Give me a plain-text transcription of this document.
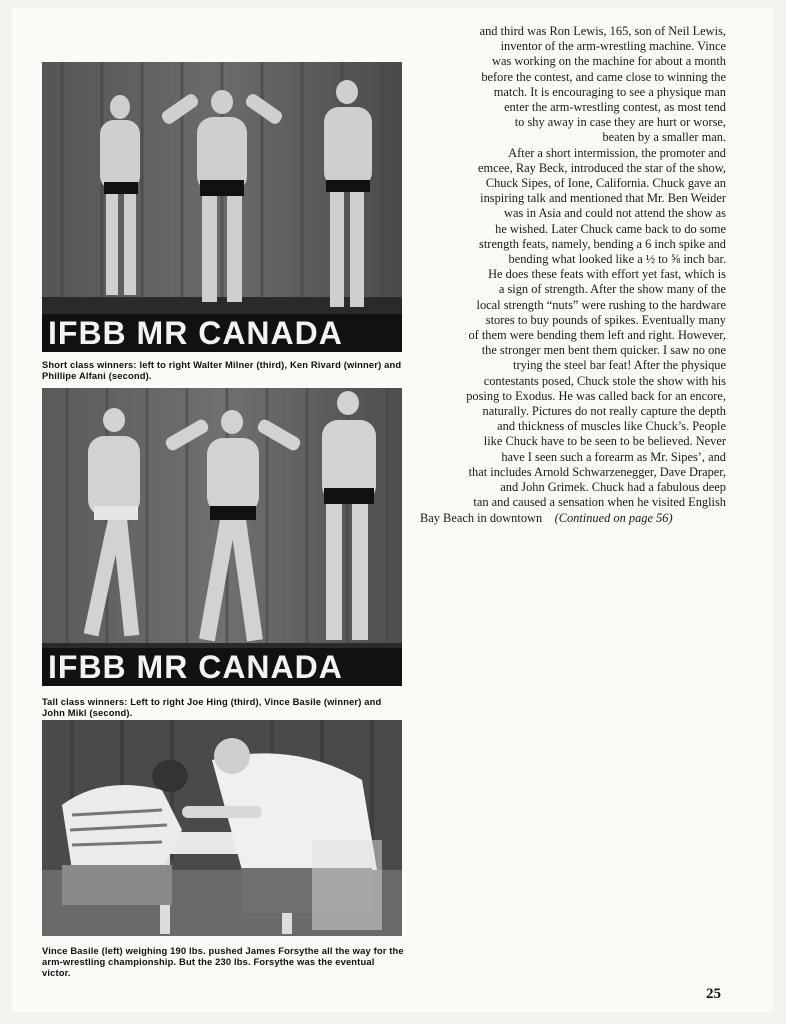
IFBB MR CANADA
Short class winners: left to right Walter Milner (third), Ken Rivard (winner) and Phillipe Alfani (second).
IFBB MR CANADA
Tall class winners: Left to right Joe Hing (third), Vince Basile (winner) and John Mikl (second).
Vince Basile (left) weighing 190 lbs. pushed James Forsythe all the way for the arm-wrestling championship. But the 230 lbs. Forsythe was the eventual victor.
and third was Ron Lewis, 165, son of Neil Lewis,
inventor of the arm-wrestling machine. Vince
was working on the machine for about a month
before the contest, and came close to winning the
match. It is encouraging to see a physique man
enter the arm-wrestling contest, as most tend
to shy away in case they are hurt or worse,
beaten by a smaller man.
After a short intermission, the promoter and
emcee, Ray Beck, introduced the star of the show,
Chuck Sipes, of Ione, California. Chuck gave an
inspiring talk and mentioned that Mr. Ben Weider
was in Asia and could not attend the show as
he wished. Later Chuck came back to do some
strength feats, namely, bending a 6 inch spike and
bending what looked like a ½ to ⅝ inch bar.
He does these feats with effort yet fast, which is
a sign of strength. After the show many of the
local strength “nuts” were rushing to the hardware
stores to buy pounds of spikes. Eventually many
of them were bending them left and right. However,
the stronger men bent them quicker. I saw no one
trying the steel bar feat! After the physique
contestants posed, Chuck stole the show with his
posing to Exodus. He was called back for an encore,
naturally. Pictures do not really capture the depth
and thickness of muscles like Chuck’s. People
like Chuck have to be seen to be believed. Never
have I seen such a forearm as Mr. Sipes’, and
that includes Arnold Schwarzenegger, Dave Draper,
and John Grimek. Chuck had a fabulous deep
tan and caused a sensation when he visited English
Bay Beach in downtown (Continued on page 56)
25
